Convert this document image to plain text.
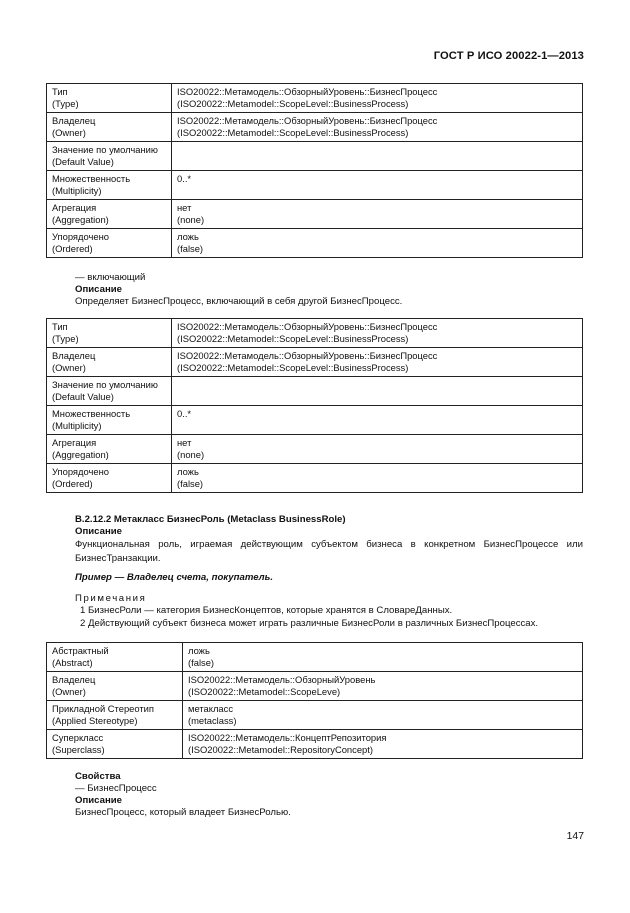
ГОСТ Р ИСО 20022-1—2013
Тип
(Type)	ISO20022::Метамодель::ОбзорныйУровень::БизнесПроцесс
(ISO20022::Metamodel::ScopeLevel::BusinessProcess)

Владелец
(Owner)	ISO20022::Метамодель::ОбзорныйУровень::БизнесПроцесс
(ISO20022::Metamodel::ScopeLevel::BusinessProcess)

Значение по умолчанию
(Default Value)	

Множественность
(Multiplicity)	0..*

Агрегация
(Aggregation)	нет
(none)

Упорядочено
(Ordered)	ложь
(false)
— включающий
Описание
Определяет БизнесПроцесс, включающий в себя другой БизнесПроцесс.
Тип
(Type)	ISO20022::Метамодель::ОбзорныйУровень::БизнесПроцесс
(ISO20022::Metamodel::ScopeLevel::BusinessProcess)

Владелец
(Owner)	ISO20022::Метамодель::ОбзорныйУровень::БизнесПроцесс
(ISO20022::Metamodel::ScopeLevel::BusinessProcess)

Значение по умолчанию
(Default Value)	

Множественность
(Multiplicity)	0..*

Агрегация
(Aggregation)	нет
(none)

Упорядочено
(Ordered)	ложь
(false)
B.2.12.2 Метакласс БизнесРоль (Metaclass BusinessRole)
Описание
Функциональная роль, играемая действующим субъектом бизнеса в конкретном БизнесПроцессе или БизнесТранзакции.
Пример — Владелец счета, покупатель.
Примечания
1 БизнесРоли — категория БизнесКонцептов, которые хранятся в СловареДанных.
2 Действующий субъект бизнеса может играть различные БизнесРоли в различных БизнесПроцессах.
Абстрактный
(Abstract)	ложь
(false)

Владелец
(Owner)	ISO20022::Метамодель::ОбзорныйУровень
(ISO20022::Metamodel::ScopeLeve)

Прикладной Стереотип
(Applied Stereotype)	метакласс
(metaclass)

Суперкласс
(Superclass)	ISO20022::Метамодель::КонцептРепозитория
(ISO20022::Metamodel::RepositoryConcept)
Свойства
— БизнесПроцесс
Описание
БизнесПроцесс, который владеет БизнесРолью.
147
